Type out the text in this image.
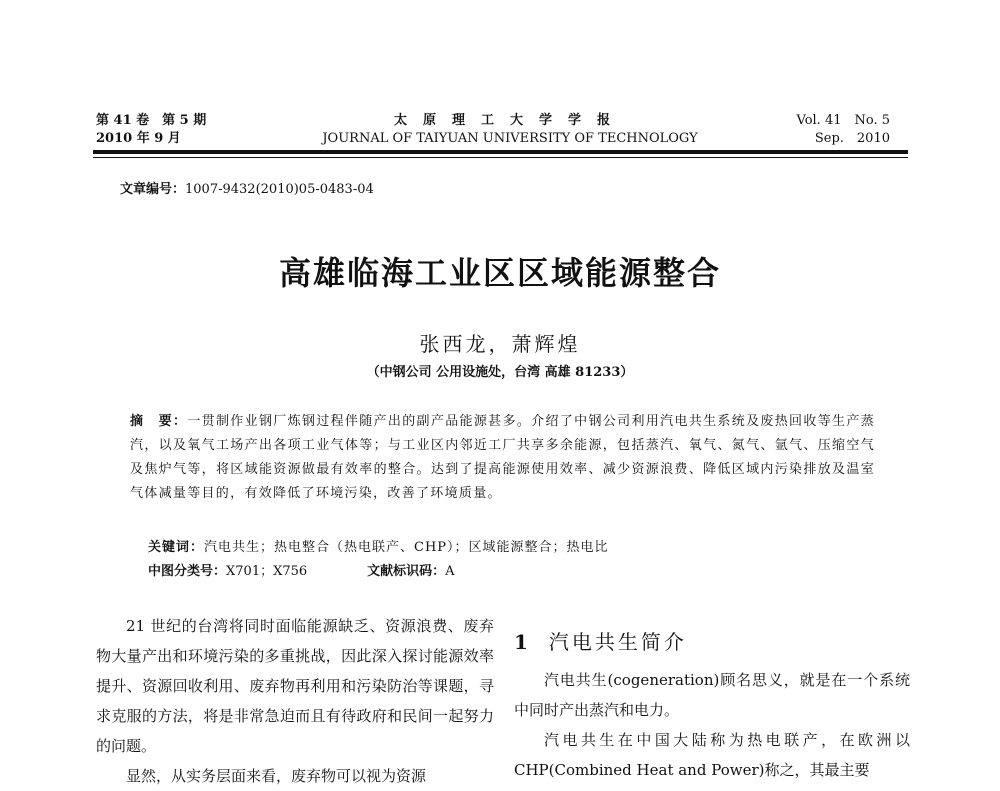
第 41 卷　第 5 期
2010 年 9 月
太原理工大学学报
JOURNAL OF TAIYUAN UNIVERSITY OF TECHNOLOGY
Vol. 41　No. 5
Sep.　2010
文章编号：1007-9432(2010)05-0483-04
高雄临海工业区区域能源整合
张西龙，萧辉煌
（中钢公司 公用设施处，台湾 高雄 81233）
摘　要：一贯制作业钢厂炼钢过程伴随产出的副产品能源甚多。介绍了中钢公司利用汽电共生系统及废热回收等生产蒸汽，以及氧气工场产出各项工业气体等；与工业区内邻近工厂共享多余能源，包括蒸汽、氧气、氮气、氩气、压缩空气及焦炉气等，将区域能资源做最有效率的整合。达到了提高能源使用效率、减少资源浪费、降低区域内污染排放及温室气体减量等目的，有效降低了环境污染，改善了环境质量。
关键词：汽电共生；热电整合（热电联产、CHP）；区域能源整合；热电比
中图分类号：X701；X756	文献标识码：A

21 世纪的台湾将同时面临能源缺乏、资源浪费、废弃物大量产出和环境污染的多重挑战，因此深入探讨能源效率提升、资源回收利用、废弃物再利用和污染防治等课题，寻求克服的方法，将是非常急迫而且有待政府和民间一起努力的问题。

显然，从实务层面来看，废弃物可以视为资源

1 汽电共生简介

汽电共生(cogeneration)顾名思义，就是在一个系统中同时产出蒸汽和电力。

汽电共生在中国大陆称为热电联产，在欧洲以CHP(Combined Heat and Power)称之，其最主要
